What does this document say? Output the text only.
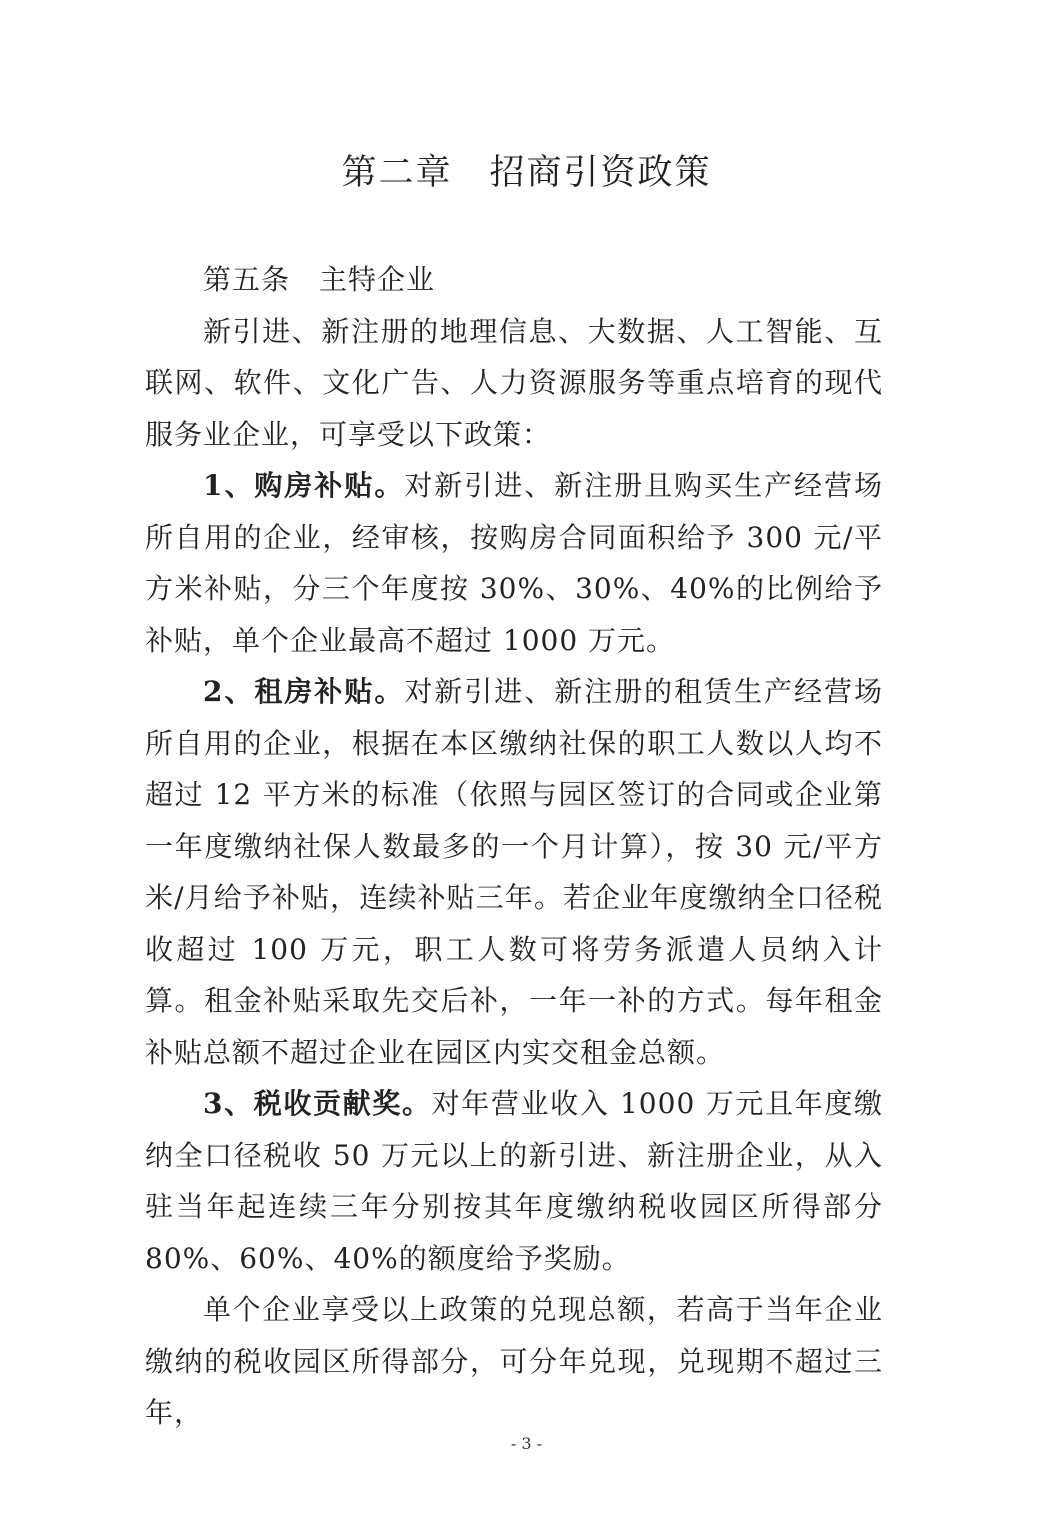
第二章　招商引资政策

第五条　主特企业

新引进、新注册的地理信息、大数据、人工智能、互联网、软件、文化广告、人力资源服务等重点培育的现代服务业企业，可享受以下政策：

1、购房补贴。对新引进、新注册且购买生产经营场所自用的企业，经审核，按购房合同面积给予 300 元/平方米补贴，分三个年度按 30%、30%、40%的比例给予补贴，单个企业最高不超过 1000 万元。

2、租房补贴。对新引进、新注册的租赁生产经营场所自用的企业，根据在本区缴纳社保的职工人数以人均不超过 12 平方米的标准（依照与园区签订的合同或企业第一年度缴纳社保人数最多的一个月计算），按 30 元/平方米/月给予补贴，连续补贴三年。若企业年度缴纳全口径税收超过 100 万元，职工人数可将劳务派遣人员纳入计算。租金补贴采取先交后补，一年一补的方式。每年租金补贴总额不超过企业在园区内实交租金总额。

3、税收贡献奖。对年营业收入 1000 万元且年度缴纳全口径税收 50 万元以上的新引进、新注册企业，从入驻当年起连续三年分别按其年度缴纳税收园区所得部分 80%、60%、40%的额度给予奖励。

单个企业享受以上政策的兑现总额，若高于当年企业缴纳的税收园区所得部分，可分年兑现，兑现期不超过三年，

- 3 -
